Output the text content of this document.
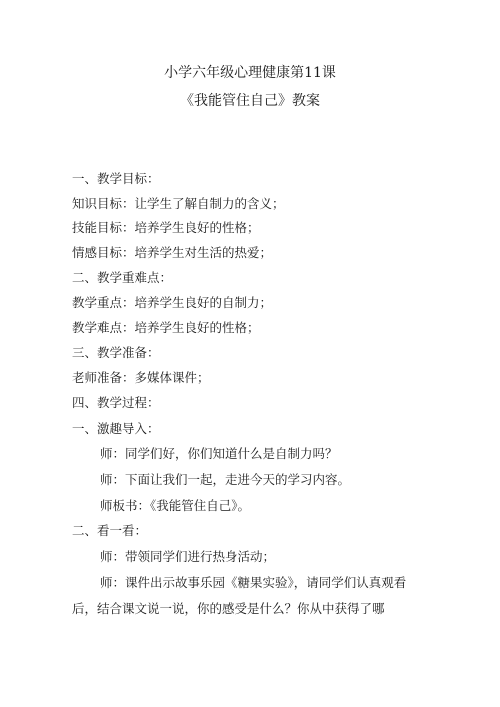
小学六年级心理健康第11课
《我能管住自己》教案
一、教学目标：
知识目标：让学生了解自制力的含义；
技能目标：培养学生良好的性格；
情感目标：培养学生对生活的热爱；
二、教学重难点：
教学重点：培养学生良好的自制力；
教学难点：培养学生良好的性格；
三、教学准备：
老师准备：多媒体课件；
四、教学过程：
一、激趣导入：
师：同学们好，你们知道什么是自制力吗？
师：下面让我们一起，走进今天的学习内容。
师板书：《我能管住自己》。
二、看一看：
师：带领同学们进行热身活动；
师：课件出示故事乐园《糖果实验》，请同学们认真观看
后，结合课文说一说，你的感受是什么？你从中获得了哪
